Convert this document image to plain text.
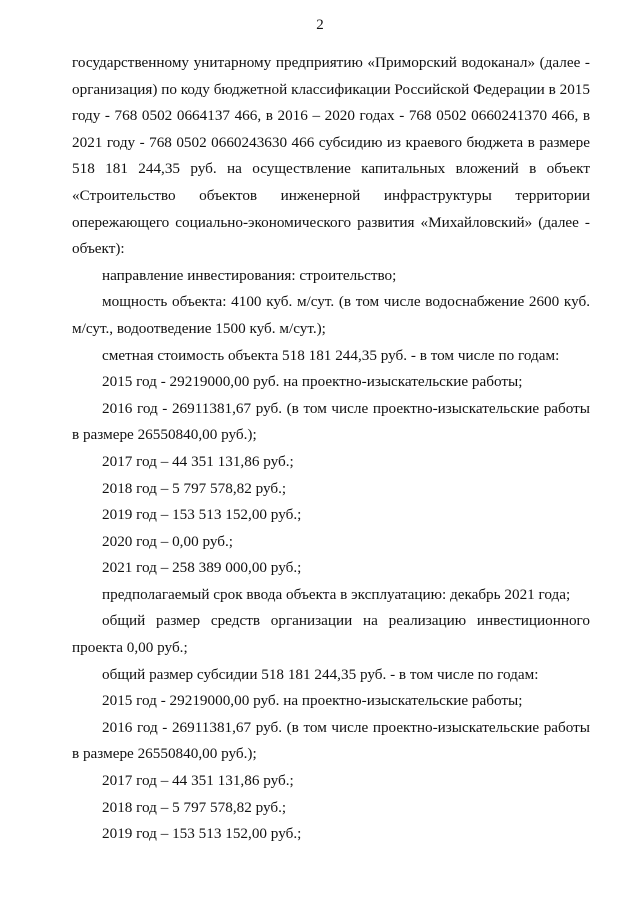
2

государственному унитарному предприятию «Приморский водоканал» (далее - организация) по коду бюджетной классификации Российской Федерации в 2015 году - 768 0502 0664137 466, в 2016 – 2020 годах - 768 0502 0660241370 466, в 2021 году - 768 0502 0660243630 466 субсидию из краевого бюджета в размере 518 181 244,35 руб. на осуществление капитальных вложений в объект «Строительство объектов инженерной инфраструктуры территории опережающего социально-экономического развития «Михайловский» (далее - объект):

направление инвестирования: строительство;

мощность объекта: 4100 куб. м/сут. (в том числе водоснабжение 2600 куб. м/сут., водоотведение 1500 куб. м/сут.);

сметная стоимость объекта 518 181 244,35 руб. - в том числе по годам:

2015 год - 29219000,00 руб. на проектно-изыскательские работы;

2016 год - 26911381,67 руб. (в том числе проектно-изыскательские работы в размере 26550840,00 руб.);

2017 год – 44 351 131,86 руб.;

2018 год – 5 797 578,82 руб.;

2019 год – 153 513 152,00 руб.;

2020 год – 0,00 руб.;

2021 год – 258 389 000,00 руб.;

предполагаемый срок ввода объекта в эксплуатацию: декабрь 2021 года;

общий размер средств организации на реализацию инвестиционного проекта 0,00 руб.;

общий размер субсидии 518 181 244,35 руб. - в том числе по годам:

2015 год - 29219000,00 руб. на проектно-изыскательские работы;

2016 год - 26911381,67 руб. (в том числе проектно-изыскательские работы в размере 26550840,00 руб.);

2017 год – 44 351 131,86 руб.;

2018 год – 5 797 578,82 руб.;

2019 год – 153 513 152,00 руб.;
